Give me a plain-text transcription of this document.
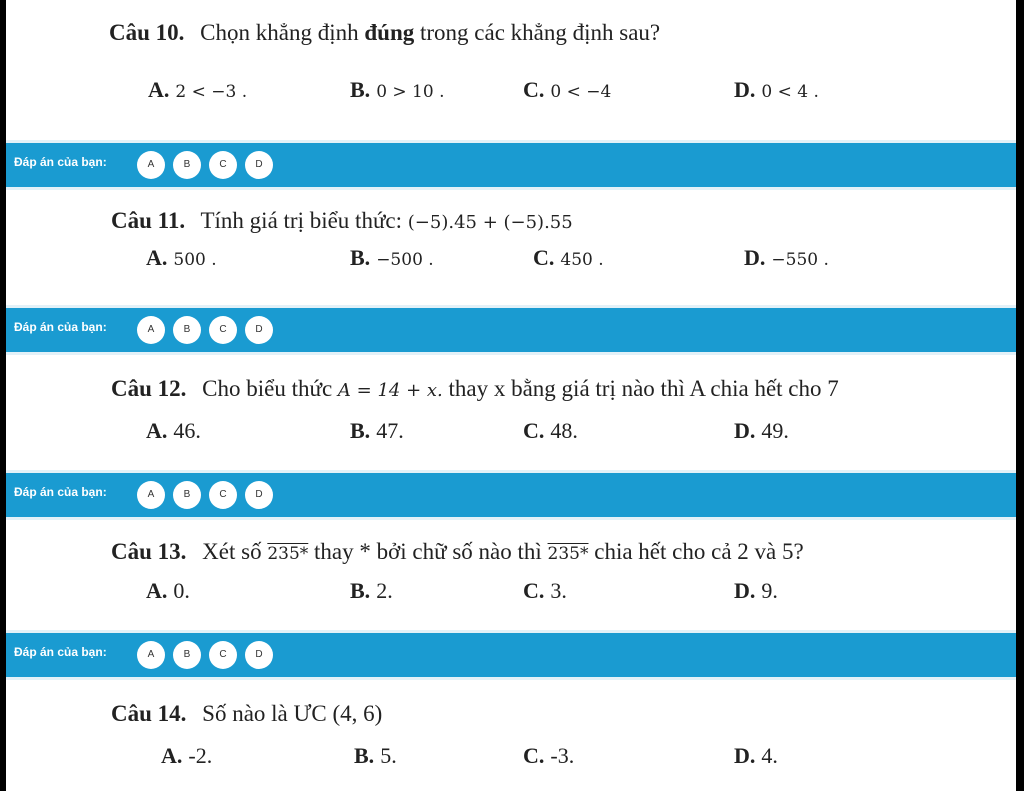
Câu 10. Chọn khẳng định đúng trong các khẳng định sau?
A. 2 < −3 .	B. 0 > 10 .	C. 0 < −4	D. 0 < 4 .
Đáp án của bạn:	A	B	C	D
Câu 11. Tính giá trị biểu thức: (−5).45 + (−5).55
A. 500 .	B. −500 .	C. 450 .	D. −550 .
Đáp án của bạn:	A	B	C	D
Câu 12. Cho biểu thức A = 14 + x. thay x bằng giá trị nào thì A chia hết cho 7
A. 46.	B. 47.	C. 48.	D. 49.
Đáp án của bạn:	A	B	C	D
Câu 13. Xét số 235* thay * bởi chữ số nào thì 235* chia hết cho cả 2 và 5?
A. 0.	B. 2.	C. 3.	D. 9.
Đáp án của bạn:	A	B	C	D
Câu 14. Số nào là ƯC (4, 6)
A. -2.	B. 5.	C. -3.	D. 4.
